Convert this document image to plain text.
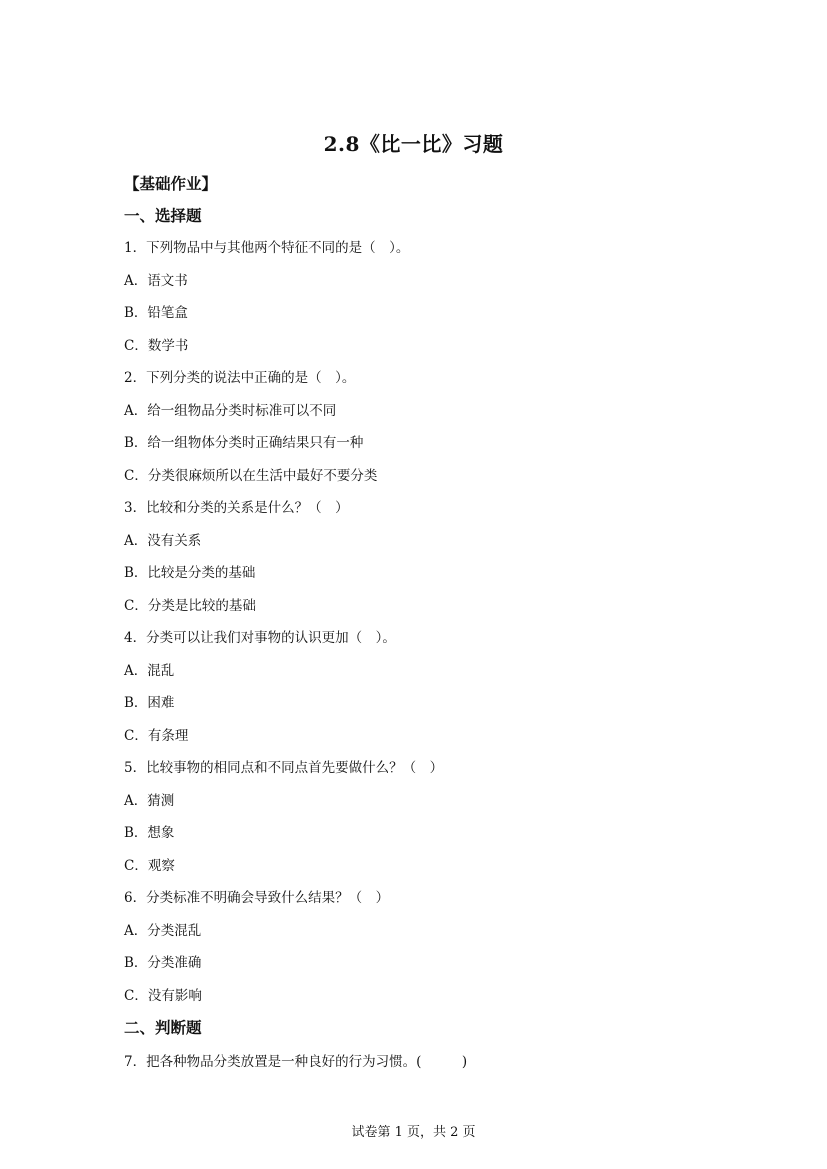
2.8《比一比》习题
【基础作业】
一、选择题
1．下列物品中与其他两个特征不同的是（　）。
A．语文书
B．铅笔盒
C．数学书
2．下列分类的说法中正确的是（　）。
A．给一组物品分类时标准可以不同
B．给一组物体分类时正确结果只有一种
C．分类很麻烦所以在生活中最好不要分类
3．比较和分类的关系是什么？（　）
A．没有关系
B．比较是分类的基础
C．分类是比较的基础
4．分类可以让我们对事物的认识更加（　）。
A．混乱
B．困难
C．有条理
5．比较事物的相同点和不同点首先要做什么？（　）
A．猜测
B．想象
C．观察
6．分类标准不明确会导致什么结果？（　）
A．分类混乱
B．分类准确
C．没有影响
二、判断题
7．把各种物品分类放置是一种良好的行为习惯。(　　　)
试卷第 1 页，共 2 页
